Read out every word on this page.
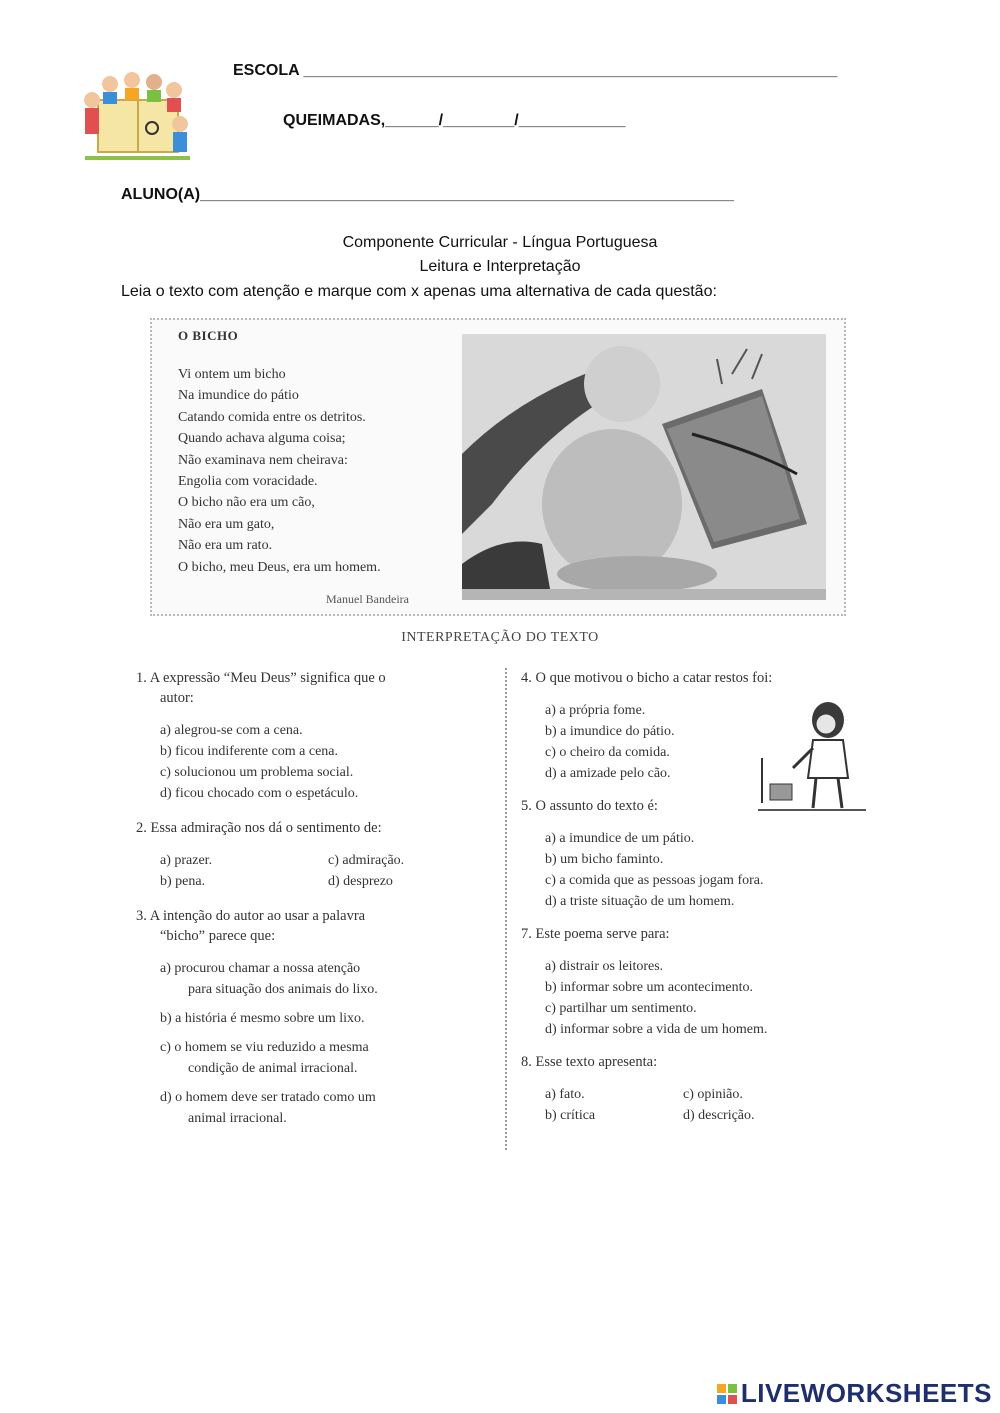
ESCOLA ____________________________________________________________
QUEIMADAS,______/________/____________
ALUNO(A)____________________________________________________________
Componente Curricular - Língua Portuguesa
Leitura e Interpretação
Leia o texto com atenção e marque com x apenas uma alternativa de cada questão:
O BICHO
Vi ontem um bicho
Na imundice do pátio
Catando comida entre os detritos.
Quando achava alguma coisa;
Não examinava nem cheirava:
Engolia com voracidade.
O bicho não era um cão,
Não era um gato,
Não era um rato.
O bicho, meu Deus, era um homem.
Manuel Bandeira
INTERPRETAÇÃO DO TEXTO
1. A expressão “Meu Deus” significa que o
autor:
a) alegrou-se com a cena.
b) ficou indiferente com a cena.
c) solucionou um problema social.
d) ficou chocado com o espetáculo.
2. Essa admiração nos dá o sentimento de:
a) prazer.	c) admiração.
b) pena.	d) desprezo
3. A intenção do autor ao usar a palavra
“bicho” parece que:
a) procurou chamar a nossa atenção
para situação dos animais do lixo.
b) a história é mesmo sobre um lixo.
c) o homem se viu reduzido a mesma
condição de animal irracional.
d) o homem deve ser tratado como um
animal irracional.
4. O que motivou o bicho a catar restos foi:
a) a própria fome.
b) a imundice do pátio.
c) o cheiro da comida.
d) a amizade pelo cão.
5. O assunto do texto é:
a) a imundice de um pátio.
b) um bicho faminto.
c) a comida que as pessoas jogam fora.
d) a triste situação de um homem.
7. Este poema serve para:
a) distrair os leitores.
b) informar sobre um acontecimento.
c) partilhar um sentimento.
d) informar sobre a vida de um homem.
8. Esse texto apresenta:
a) fato.	c) opinião.
b) crítica	d) descrição.
LIVEWORKSHEETS
